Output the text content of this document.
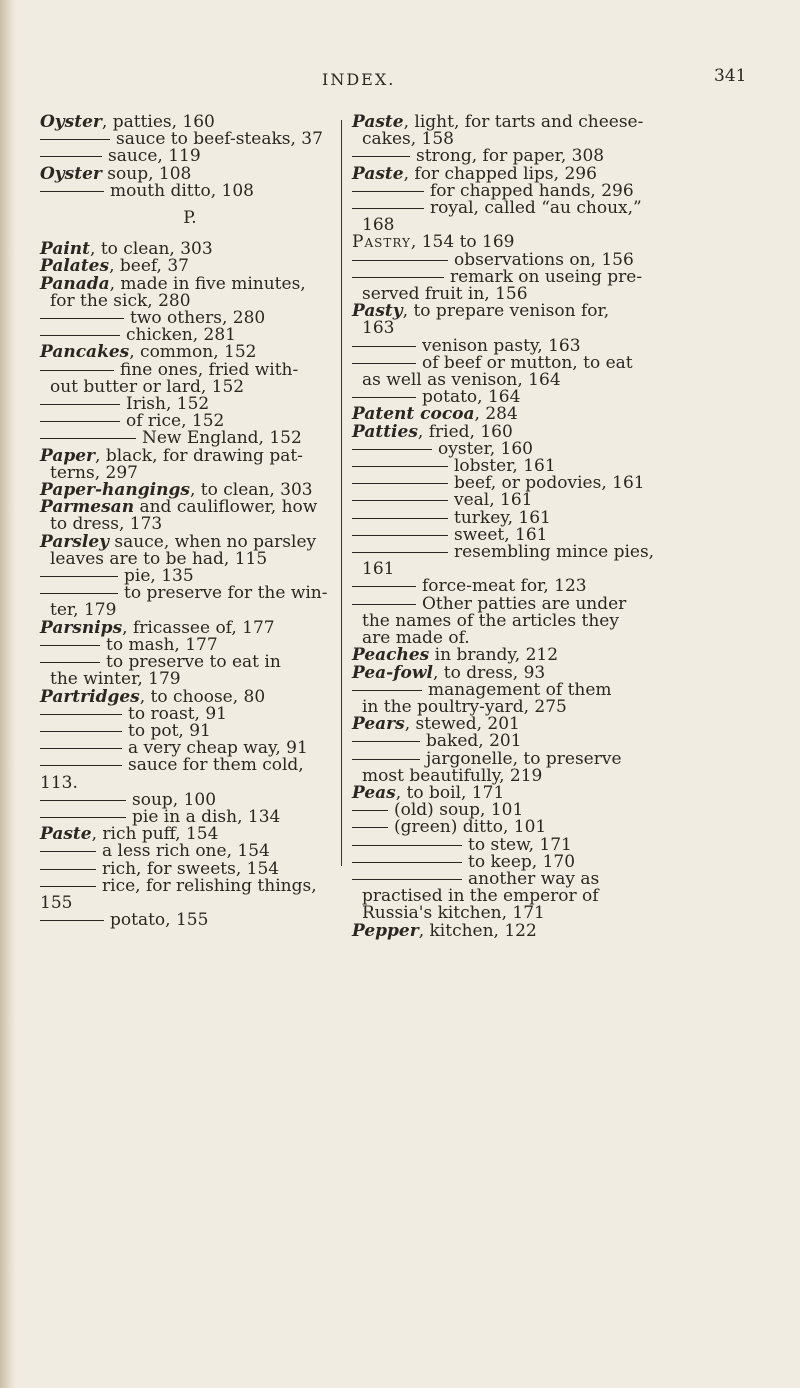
INDEX.	341
Oyster, patties, 160
sauce to beef-steaks, 37
sauce, 119
Oyster soup, 108
mouth ditto, 108
P.
Paint, to clean, 303
Palates, beef, 37
Panada, made in five minutes,
for the sick, 280
two others, 280
chicken, 281
Pancakes, common, 152
fine ones, fried with-
out butter or lard, 152
Irish, 152
of rice, 152
New England, 152
Paper, black, for drawing pat-
terns, 297
Paper-hangings, to clean, 303
Parmesan and cauliflower, how
to dress, 173
Parsley sauce, when no parsley
leaves are to be had, 115
pie, 135
to preserve for the win-
ter, 179
Parsnips, fricassee of, 177
to mash, 177
to preserve to eat in
the winter, 179
Partridges, to choose, 80
to roast, 91
to pot, 91
a very cheap way, 91
sauce for them cold,
113.
soup, 100
pie in a dish, 134
Paste, rich puff, 154
a less rich one, 154
rich, for sweets, 154
rice, for relishing things,
155
potato, 155
Paste, light, for tarts and cheese-
cakes, 158
strong, for paper, 308
Paste, for chapped lips, 296
for chapped hands, 296
royal, called “au choux,”
168
Pastry, 154 to 169
observations on, 156
remark on useing pre-
served fruit in, 156
Pasty, to prepare venison for,
163
venison pasty, 163
of beef or mutton, to eat
as well as venison, 164
potato, 164
Patent cocoa, 284
Patties, fried, 160
oyster, 160
lobster, 161
beef, or podovies, 161
veal, 161
turkey, 161
sweet, 161
resembling mince pies,
161
force-meat for, 123
Other patties are under
the names of the articles they
are made of.
Peaches in brandy, 212
Pea-fowl, to dress, 93
management of them
in the poultry-yard, 275
Pears, stewed, 201
baked, 201
jargonelle, to preserve
most beautifully, 219
Peas, to boil, 171
(old) soup, 101
(green) ditto, 101
to stew, 171
to keep, 170
another way as
practised in the emperor of
Russia's kitchen, 171
Pepper, kitchen, 122
